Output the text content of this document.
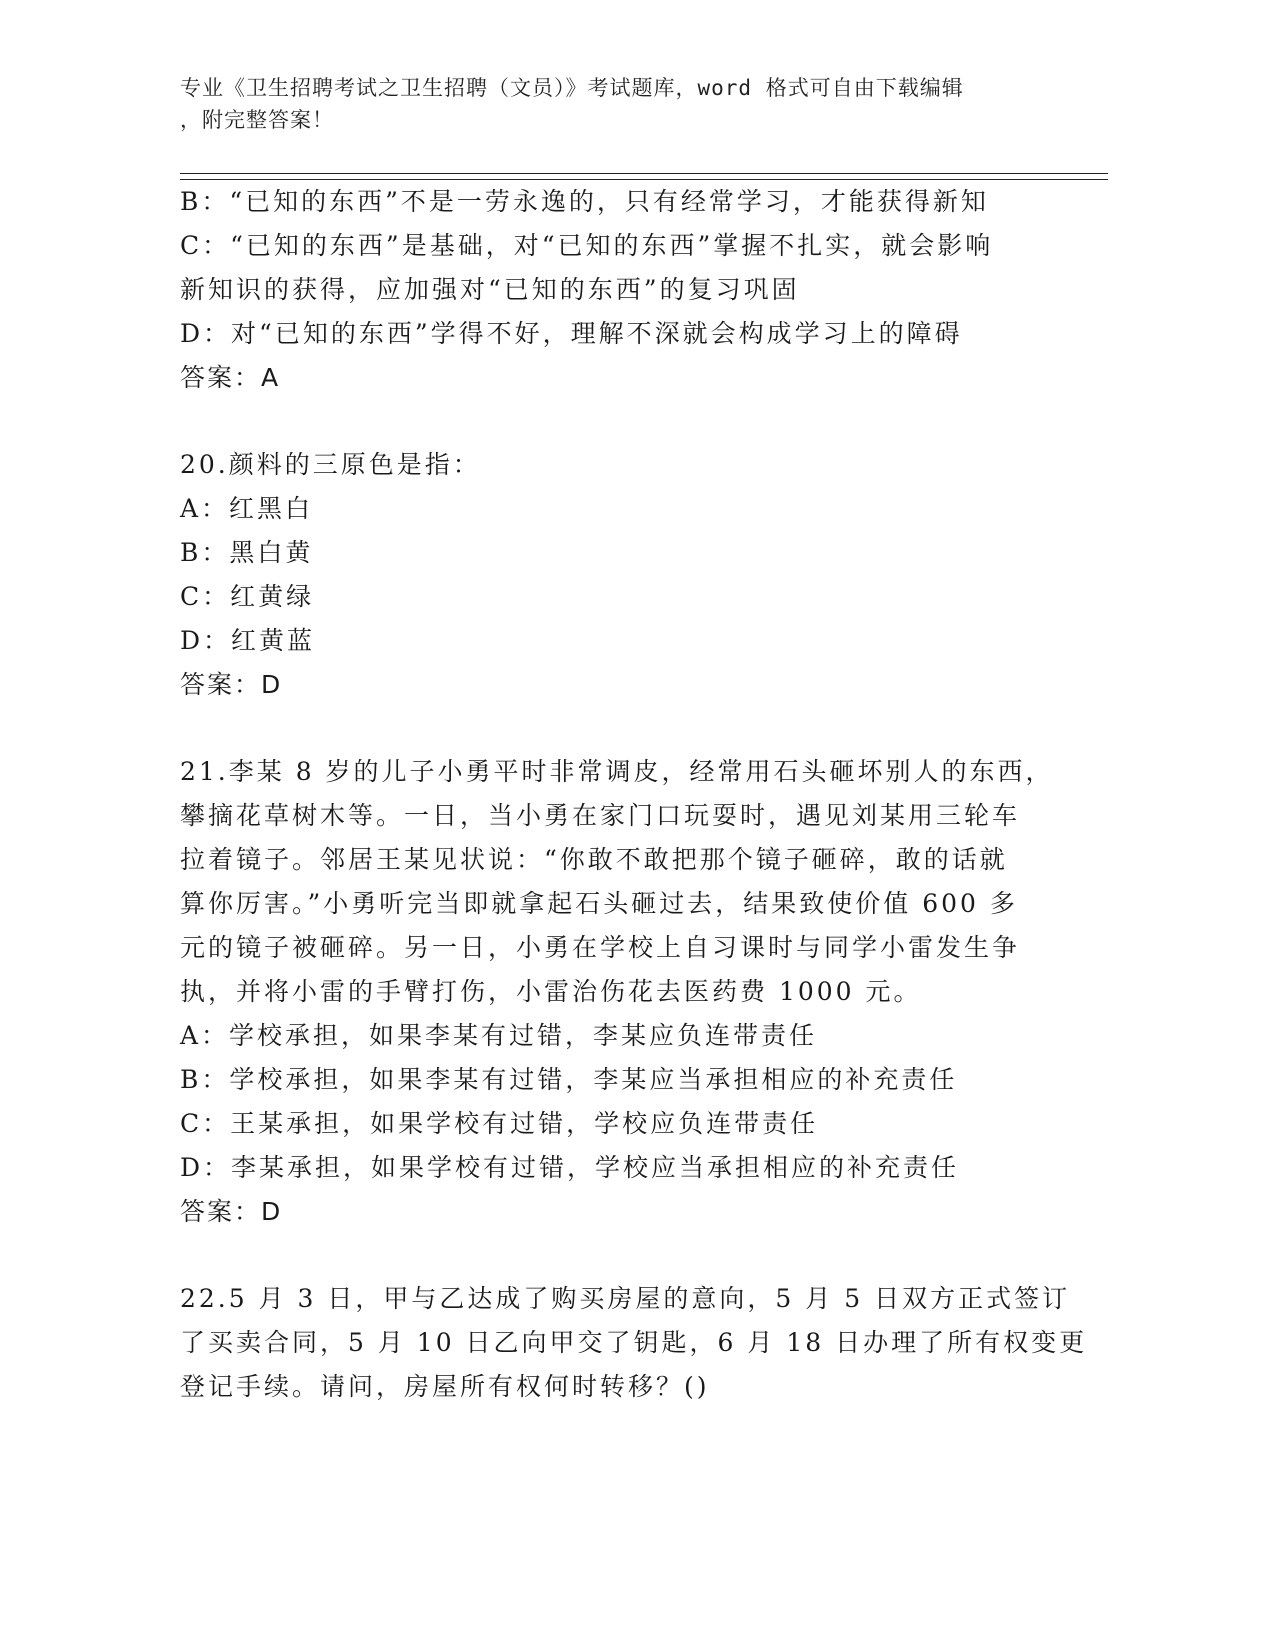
专业《卫生招聘考试之卫生招聘（文员）》考试题库，word 格式可自由下载编辑
，附完整答案！
B：“已知的东西”不是一劳永逸的，只有经常学习，才能获得新知
C：“已知的东西”是基础，对“已知的东西”掌握不扎实，就会影响
新知识的获得，应加强对“已知的东西”的复习巩固
D：对“已知的东西”学得不好，理解不深就会构成学习上的障碍
答案：A
20.颜料的三原色是指：
A：红黑白
B：黑白黄
C：红黄绿
D：红黄蓝
答案：D
21.李某 8 岁的儿子小勇平时非常调皮，经常用石头砸坏别人的东西，
攀摘花草树木等。一日，当小勇在家门口玩耍时，遇见刘某用三轮车
拉着镜子。邻居王某见状说：“你敢不敢把那个镜子砸碎，敢的话就
算你厉害。”小勇听完当即就拿起石头砸过去，结果致使价值 600 多
元的镜子被砸碎。另一日，小勇在学校上自习课时与同学小雷发生争
执，并将小雷的手臂打伤，小雷治伤花去医药费 1000 元。
A：学校承担，如果李某有过错，李某应负连带责任
B：学校承担，如果李某有过错，李某应当承担相应的补充责任
C：王某承担，如果学校有过错，学校应负连带责任
D：李某承担，如果学校有过错，学校应当承担相应的补充责任
答案：D
22.5 月 3 日，甲与乙达成了购买房屋的意向，5 月 5 日双方正式签订
了买卖合同，5 月 10 日乙向甲交了钥匙，6 月 18 日办理了所有权变更
登记手续。请问，房屋所有权何时转移？()
